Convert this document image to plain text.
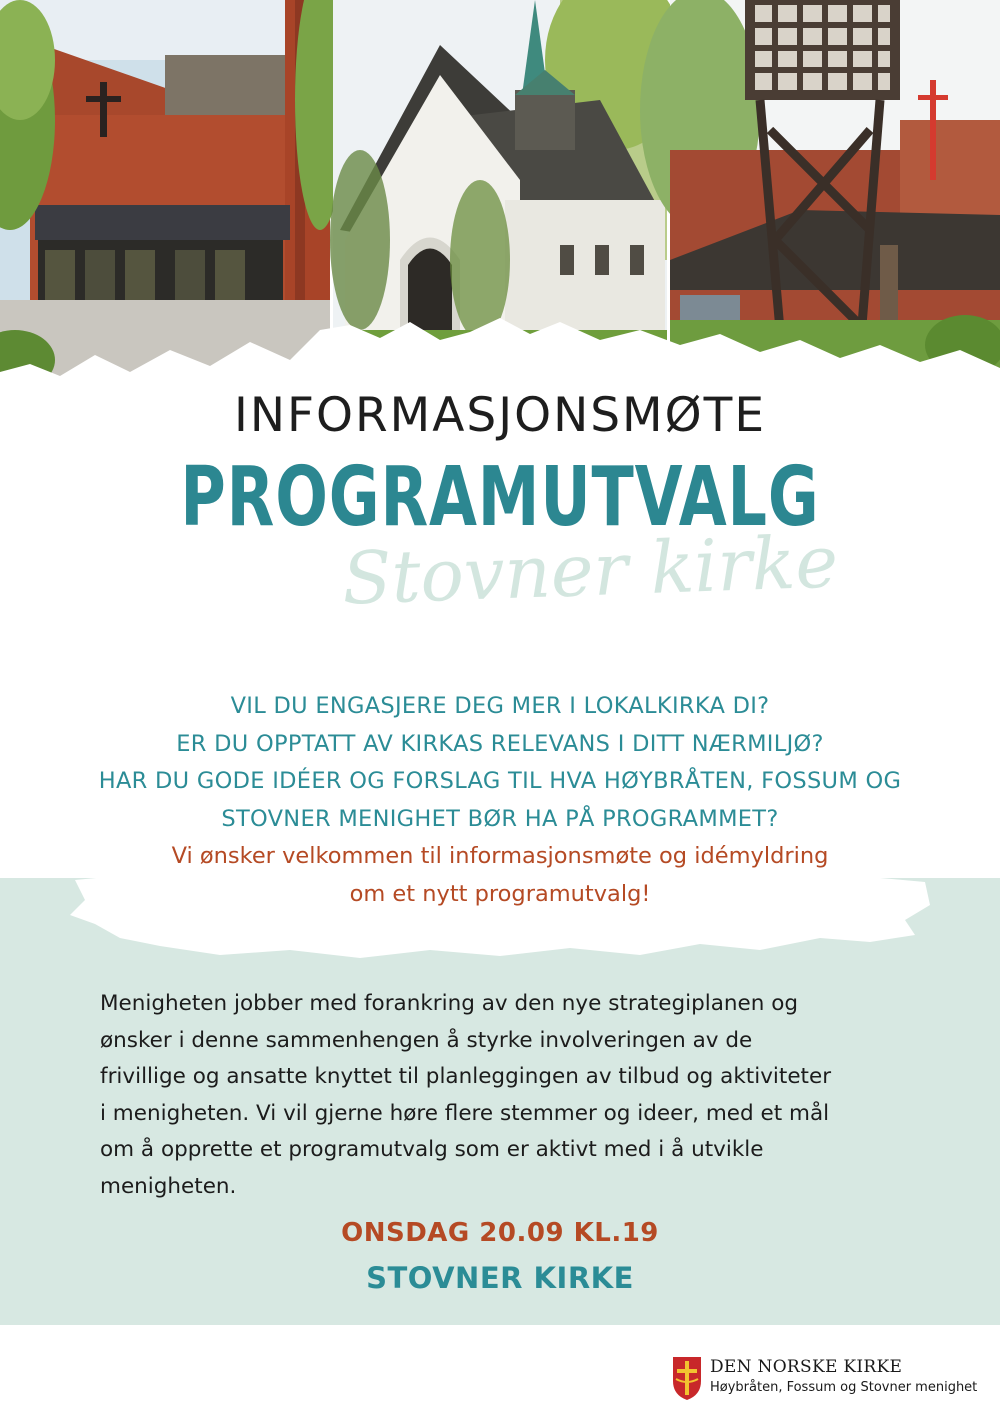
INFORMASJONSMØTE
PROGRAMUTVALG
Stovner kirke
VIL DU ENGASJERE DEG MER I LOKALKIRKA DI?
ER DU OPPTATT AV KIRKAS RELEVANS I DITT NÆRMILJØ?
HAR DU GODE IDÉER OG FORSLAG TIL HVA HØYBRÅTEN, FOSSUM OG
STOVNER MENIGHET BØR HA PÅ PROGRAMMET?
Vi ønsker velkommen til informasjonsmøte og idémyldring
om et nytt programutvalg!
Menigheten jobber med forankring av den nye strategiplanen og
ønsker i denne sammenhengen å styrke involveringen av de
frivillige og ansatte knyttet til planleggingen av tilbud og aktiviteter
i menigheten. Vi vil gjerne høre flere stemmer og ideer, med et mål
om å opprette et programutvalg som er aktivt med i å utvikle
menigheten.
ONSDAG 20.09 KL.19
STOVNER KIRKE
DEN NORSKE KIRKE
Høybråten, Fossum og Stovner menighet
